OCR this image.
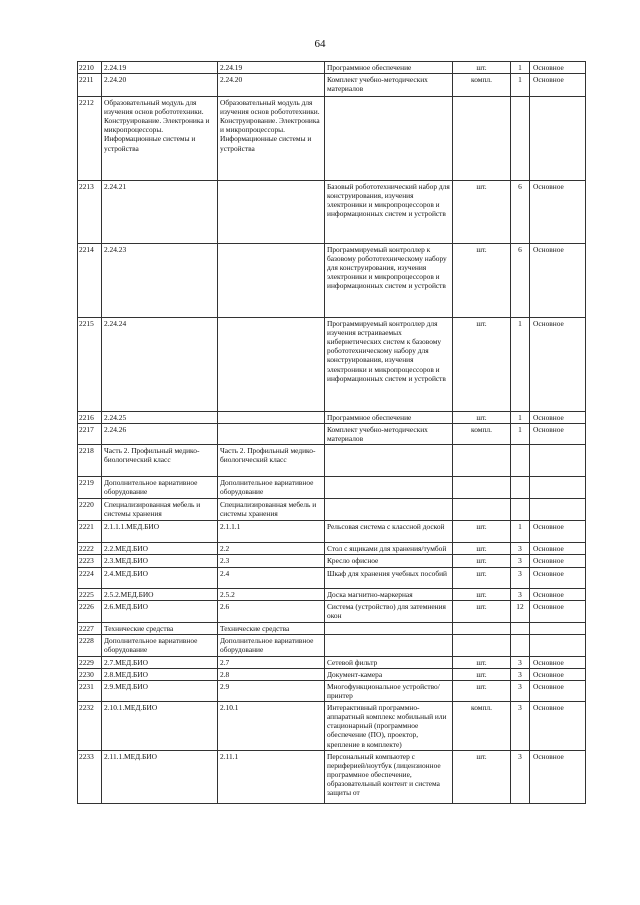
64
2210	2.24.19	2.24.19	Программное обеспечение	шт.	1	Основное
2211	2.24.20	2.24.20	Комплект учебно-методических материалов	компл.	1	Основное
2212	Образовательный модуль для изучения основ робототехники. Конструирование. Электроника и микропроцессоры. Информационные системы и устройства	Образовательный модуль для изучения основ робототехники. Конструирование. Электроника и микропроцессоры. Информационные системы и устройства				
2213	2.24.21		Базовый робототехнический набор для конструирования, изучения электроники и микропроцессоров и информационных систем и устройств	шт.	6	Основное
2214	2.24.23		Программируемый контроллер к базовому робототехническому набору для конструирования, изучения электроники и микропроцессоров и информационных систем и устройств	шт.	6	Основное
2215	2.24.24		Программируемый контроллер для изучения встраиваемых кибернетических систем к базовому робототехническому набору для конструирования, изучения электроники и микропроцессоров и информационных систем и устройств	шт.	1	Основное
2216	2.24.25		Программное обеспечение	шт.	1	Основное
2217	2.24.26		Комплект учебно-методических материалов	компл.	1	Основное
2218	Часть 2. Профильный медико-биологический класс	Часть 2. Профильный медико-биологический класс				
2219	Дополнительное вариативное оборудование	Дополнительное вариативное оборудование				
2220	Специализированная мебель и системы хранения	Специализированная мебель и системы хранения				
2221	2.1.1.1.МЕД.БИО	2.1.1.1	Рельсовая система с классной доской	шт.	1	Основное
2222	2.2.МЕД.БИО	2.2	Стол с ящиками для хранения/тумбой	шт.	3	Основное
2223	2.3.МЕД.БИО	2.3	Кресло офисное	шт.	3	Основное
2224	2.4.МЕД.БИО	2.4	Шкаф для хранения учебных пособий	шт.	3	Основное
2225	2.5.2.МЕД.БИО	2.5.2	Доска магнитно-маркерная	шт.	3	Основное
2226	2.6.МЕД.БИО	2.6	Система (устройство) для затемнения окон	шт.	12	Основное
2227	Технические средства	Технические средства				
2228	Дополнительное вариативное оборудование	Дополнительное вариативное оборудование				
2229	2.7.МЕД.БИО	2.7	Сетевой фильтр	шт.	3	Основное
2230	2.8.МЕД.БИО	2.8	Документ-камера	шт.	3	Основное
2231	2.9.МЕД.БИО	2.9	Многофункциональное устройство/принтер	шт.	3	Основное
2232	2.10.1.МЕД.БИО	2.10.1	Интерактивный программно-аппаратный комплекс мобильный или стационарный (программное обеспечение (ПО), проектор, крепление в комплекте)	компл.	3	Основное
2233	2.11.1.МЕД.БИО	2.11.1	Персональный компьютер с периферией/ноутбук (лицензионное программное обеспечение, образовательный контент и система защиты от	шт.	3	Основное
